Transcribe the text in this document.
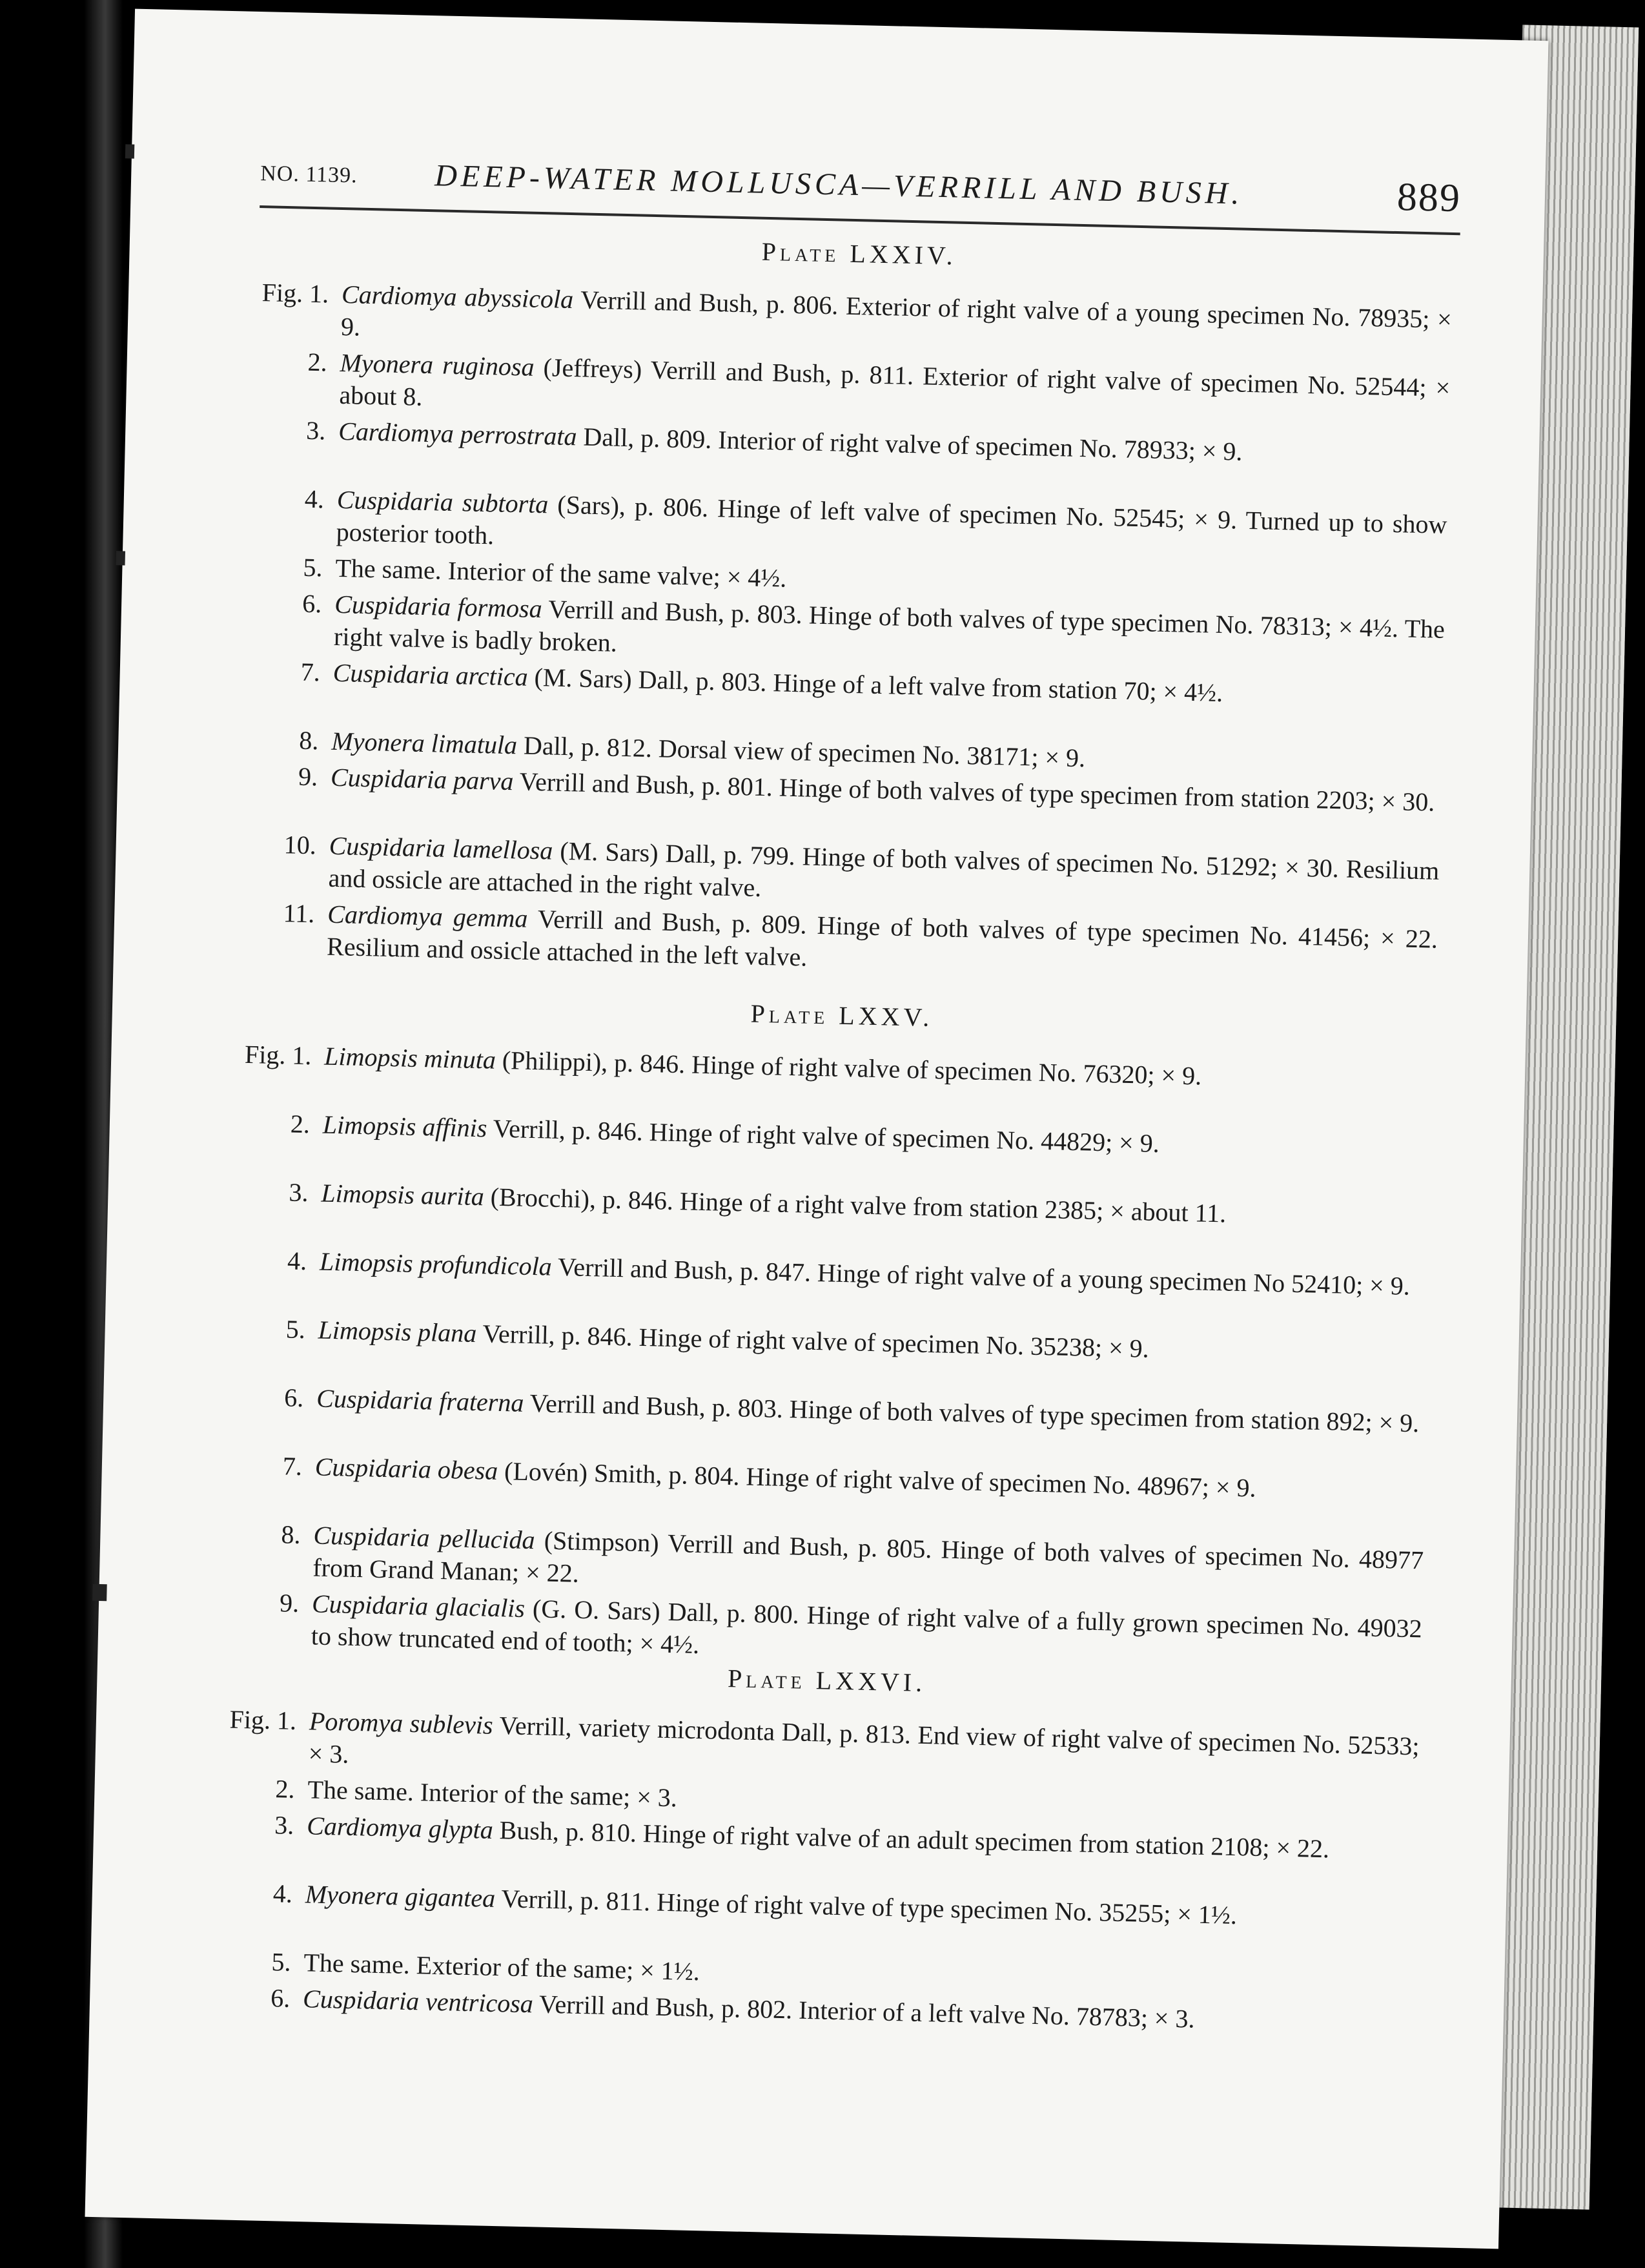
NO. 1139. DEEP-WATER MOLLUSCA—VERRILL AND BUSH.	889
Plate LXXIV.
Fig. 1. Cardiomya abyssicola Verrill and Bush, p. 806. Exterior of right valve of a young specimen No. 78935; × 9.
2. Myonera ruginosa (Jeffreys) Verrill and Bush, p. 811. Exterior of right valve of specimen No. 52544; × about 8.
3. Cardiomya perrostrata Dall, p. 809. Interior of right valve of specimen No. 78933; × 9.
4. Cuspidaria subtorta (Sars), p. 806. Hinge of left valve of specimen No. 52545; × 9. Turned up to show posterior tooth.
5. The same. Interior of the same valve; × 4½.
6. Cuspidaria formosa Verrill and Bush, p. 803. Hinge of both valves of type specimen No. 78313; × 4½. The right valve is badly broken.
7. Cuspidaria arctica (M. Sars) Dall, p. 803. Hinge of a left valve from station 70; × 4½.
8. Myonera limatula Dall, p. 812. Dorsal view of specimen No. 38171; × 9.
9. Cuspidaria parva Verrill and Bush, p. 801. Hinge of both valves of type specimen from station 2203; × 30.
10. Cuspidaria lamellosa (M. Sars) Dall, p. 799. Hinge of both valves of specimen No. 51292; × 30. Resilium and ossicle are attached in the right valve.
11. Cardiomya gemma Verrill and Bush, p. 809. Hinge of both valves of type specimen No. 41456; × 22. Resilium and ossicle attached in the left valve.
Plate LXXV.
Fig. 1. Limopsis minuta (Philippi), p. 846. Hinge of right valve of specimen No. 76320; × 9.
2. Limopsis affinis Verrill, p. 846. Hinge of right valve of specimen No. 44829; × 9.
3. Limopsis aurita (Brocchi), p. 846. Hinge of a right valve from station 2385; × about 11.
4. Limopsis profundicola Verrill and Bush, p. 847. Hinge of right valve of a young specimen No 52410; × 9.
5. Limopsis plana Verrill, p. 846. Hinge of right valve of specimen No. 35238; × 9.
6. Cuspidaria fraterna Verrill and Bush, p. 803. Hinge of both valves of type specimen from station 892; × 9.
7. Cuspidaria obesa (Lovén) Smith, p. 804. Hinge of right valve of specimen No. 48967; × 9.
8. Cuspidaria pellucida (Stimpson) Verrill and Bush, p. 805. Hinge of both valves of specimen No. 48977 from Grand Manan; × 22.
9. Cuspidaria glacialis (G. O. Sars) Dall, p. 800. Hinge of right valve of a fully grown specimen No. 49032 to show truncated end of tooth; × 4½.
Plate LXXVI.
Fig. 1. Poromya sublevis Verrill, variety microdonta Dall, p. 813. End view of right valve of specimen No. 52533; × 3.
2. The same. Interior of the same; × 3.
3. Cardiomya glypta Bush, p. 810. Hinge of right valve of an adult specimen from station 2108; × 22.
4. Myonera gigantea Verrill, p. 811. Hinge of right valve of type specimen No. 35255; × 1½.
5. The same. Exterior of the same; × 1½.
6. Cuspidaria ventricosa Verrill and Bush, p. 802. Interior of a left valve No. 78783; × 3.
